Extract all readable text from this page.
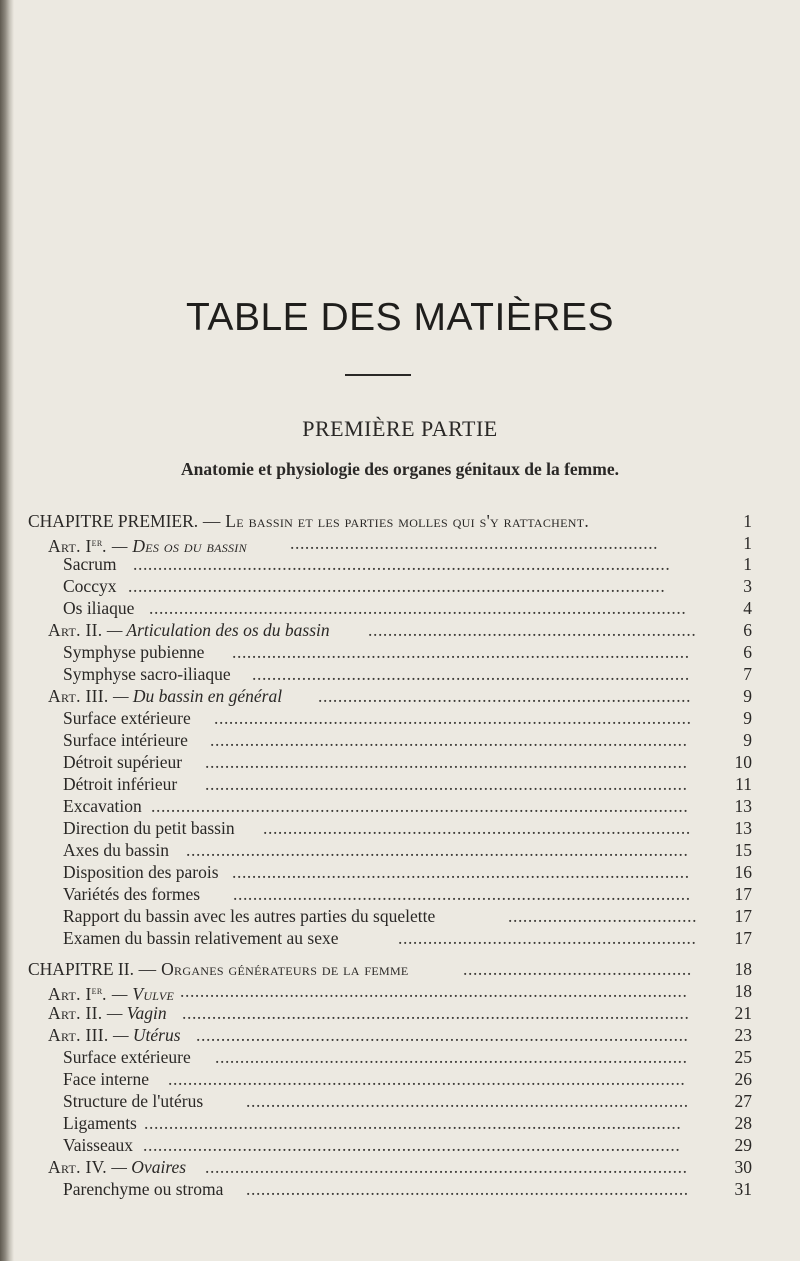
TABLE DES MATIÈRES
PREMIÈRE PARTIE
Anatomie et physiologie des organes génitaux de la femme.
CHAPITRE PREMIER. — Le bassin et les parties molles qui s'y rattachent.	1
Art. Ier. — Des os du bassin ..........................................................................	1
Sacrum ............................................................................................................	1
Coccyx ............................................................................................................	3
Os iliaque ............................................................................................................	4
Art. II. — Articulation des os du bassin ..................................................................	6
Symphyse pubienne ............................................................................................	6
Symphyse sacro-iliaque ........................................................................................	7
Art. III. — Du bassin en général ...........................................................................	9
Surface extérieure ................................................................................................	9
Surface intérieure ................................................................................................	9
Détroit supérieur .................................................................................................	10
Détroit inférieur .................................................................................................	11
Excavation ............................................................................................................	13
Direction du petit bassin ......................................................................................	13
Axes du bassin .....................................................................................................	15
Disposition des parois ............................................................................................	16
Variétés des formes ............................................................................................	17
Rapport du bassin avec les autres parties du squelette	......................................	17
Examen du bassin relativement au sexe	............................................................	17
CHAPITRE II. — Organes générateurs de la femme	..............................................	18
Art. Ier. — Vulve ......................................................................................................	18
Art. II. — Vagin ......................................................................................................	21
Art. III. — Utérus ...................................................................................................	23
Surface extérieure ...............................................................................................	25
Face interne ........................................................................................................	26
Structure de l'utérus .........................................................................................	27
Ligaments ............................................................................................................	28
Vaisseaux ............................................................................................................	29
Art. IV. — Ovaires .................................................................................................	30
Parenchyme ou stroma .........................................................................................	31
